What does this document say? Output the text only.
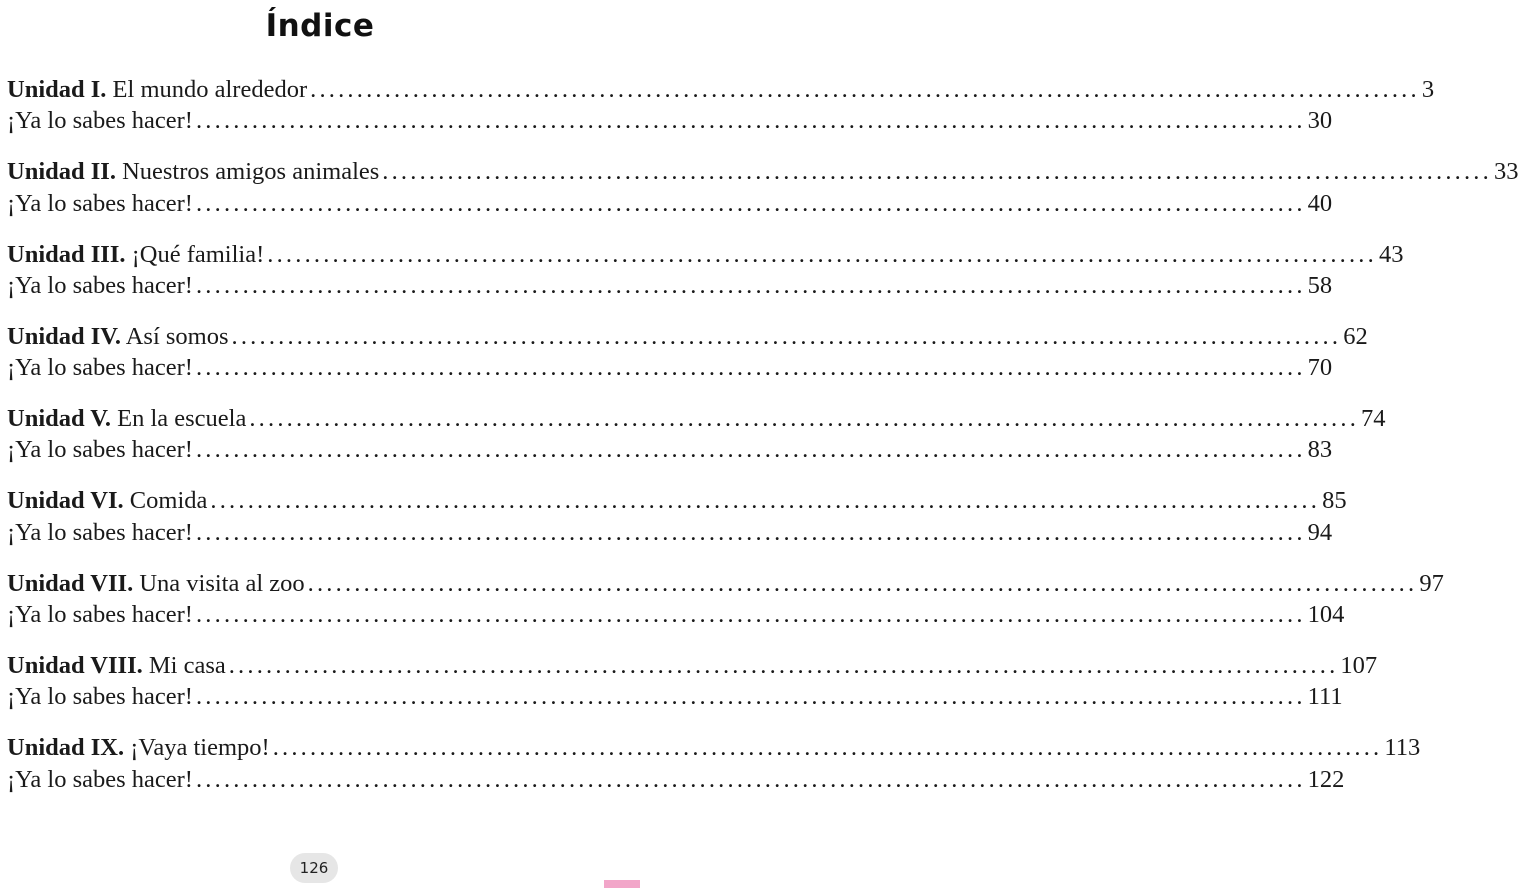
Índice
Unidad I. El mundo alrededor ....................................................................................................................... 3
¡Ya lo sabes hacer! ....................................................................................................................... 30
Unidad II. Nuestros amigos animales ....................................................................................................................... 33
¡Ya lo sabes hacer! ....................................................................................................................... 40
Unidad III. ¡Qué familia! ....................................................................................................................... 43
¡Ya lo sabes hacer! ....................................................................................................................... 58
Unidad IV. Así somos ....................................................................................................................... 62
¡Ya lo sabes hacer! ....................................................................................................................... 70
Unidad V. En la escuela ....................................................................................................................... 74
¡Ya lo sabes hacer! ....................................................................................................................... 83
Unidad VI. Comida ....................................................................................................................... 85
¡Ya lo sabes hacer! ....................................................................................................................... 94
Unidad VII. Una visita al zoo ....................................................................................................................... 97
¡Ya lo sabes hacer! ....................................................................................................................... 104
Unidad VIII. Mi casa ....................................................................................................................... 107
¡Ya lo sabes hacer! ....................................................................................................................... 111
Unidad IX. ¡Vaya tiempo! ....................................................................................................................... 113
¡Ya lo sabes hacer! ....................................................................................................................... 122
126
